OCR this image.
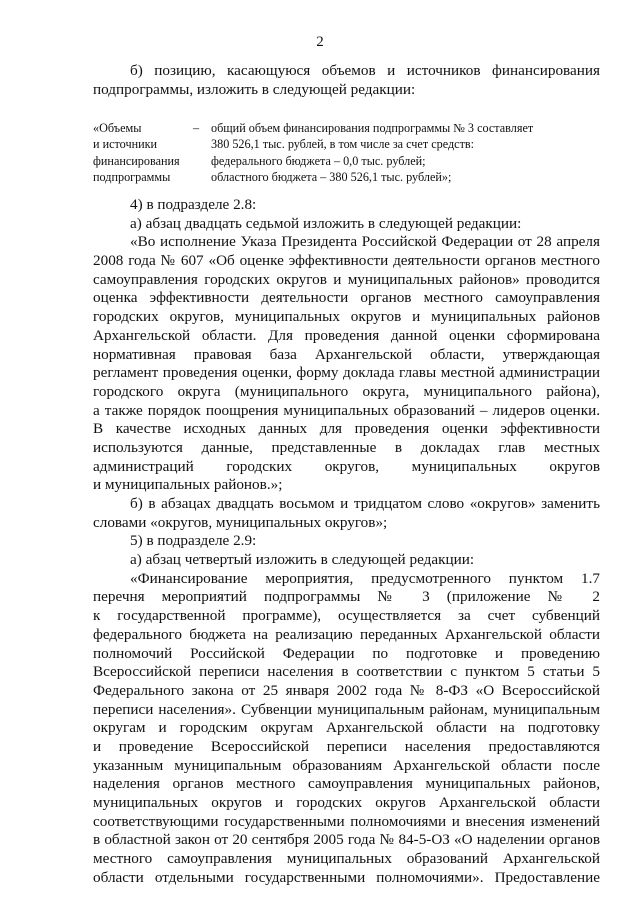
2
б) позицию, касающуюся объемов и источников финансирования
подпрограммы, изложить в следующей редакции:
«Объемы
и источники
финансирования
подпрограммы
– общий объем финансирования подпрограммы № 3 составляет
380 526,1 тыс. рублей, в том числе за счет средств:
федерального бюджета – 0,0 тыс. рублей;
областного бюджета – 380 526,1 тыс. рублей»;
4) в подразделе 2.8:
а) абзац двадцать седьмой изложить в следующей редакции:
«Во исполнение Указа Президента Российской Федерации от 28 апреля
2008 года № 607 «Об оценке эффективности деятельности органов местного
самоуправления городских округов и муниципальных районов» проводится
оценка эффективности деятельности органов местного самоуправления
городских округов, муниципальных округов и муниципальных районов
Архангельской области. Для проведения данной оценки сформирована
нормативная правовая база Архангельской области, утверждающая
регламент проведения оценки, форму доклада главы местной администрации
городского округа (муниципального округа, муниципального района),
а также порядок поощрения муниципальных образований – лидеров оценки.
В качестве исходных данных для проведения оценки эффективности
используются данные, представленные в докладах глав местных
администраций городских округов, муниципальных округов
и муниципальных районов.»;
б) в абзацах двадцать восьмом и тридцатом слово «округов» заменить
словами «округов, муниципальных округов»;
5) в подразделе 2.9:
а) абзац четвертый изложить в следующей редакции:
«Финансирование мероприятия, предусмотренного пунктом 1.7
перечня мероприятий подпрограммы № 3 (приложение № 2
к государственной программе), осуществляется за счет субвенций
федерального бюджета на реализацию переданных Архангельской области
полномочий Российской Федерации по подготовке и проведению
Всероссийской переписи населения в соответствии с пунктом 5 статьи 5
Федерального закона от 25 января 2002 года № 8-ФЗ «О Всероссийской
переписи населения». Субвенции муниципальным районам, муниципальным
округам и городским округам Архангельской области на подготовку
и проведение Всероссийской переписи населения предоставляются
указанным муниципальным образованиям Архангельской области после
наделения органов местного самоуправления муниципальных районов,
муниципальных округов и городских округов Архангельской области
соответствующими государственными полномочиями и внесения изменений
в областной закон от 20 сентября 2005 года № 84-5-ОЗ «О наделении органов
местного самоуправления муниципальных образований Архангельской
области отдельными государственными полномочиями». Предоставление
